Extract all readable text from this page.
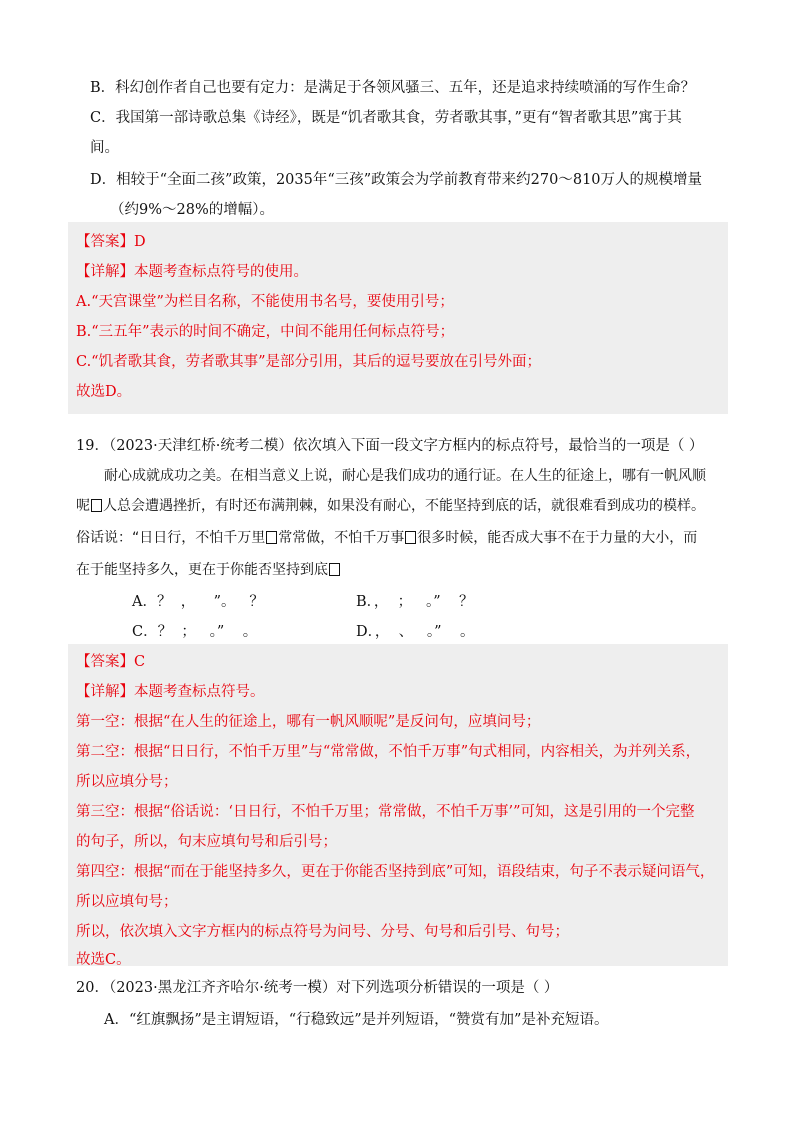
B．科幻创作者自己也要有定力：是满足于各领风骚三、五年，还是追求持续喷涌的写作生命？
C．我国第一部诗歌总集《诗经》，既是“饥者歌其食，劳者歌其事，”更有“智者歌其思”寓于其
间。
D．相较于“全面二孩”政策，2035年“三孩”政策会为学前教育带来约270～810万人的规模增量
（约9%～28%的增幅）。
【答案】D
【详解】本题考查标点符号的使用。
A.“天宫课堂”为栏目名称，不能使用书名号，要使用引号；
B.“三五年”表示的时间不确定，中间不能用任何标点符号；
C.“饥者歌其食，劳者歌其事”是部分引用，其后的逗号要放在引号外面；
故选D。
19．（2023·天津红桥·统考二模）依次填入下面一段文字方框内的标点符号，最恰当的一项是（ ）
耐心成就成功之美。在相当意义上说，耐心是我们成功的通行证。在人生的征途上，哪有一帆风顺
呢 人总会遭遇挫折，有时还布满荆棘，如果没有耐心，不能坚持到底的话，就很难看到成功的模样。
俗话说：“日日行，不怕千万里 常常做，不怕千万事 很多时候，能否成大事不在于力量的大小，而
在于能坚持多久，更在于你能否坚持到底
A．？  ，    ”。   ？	B．，  ；   。”    ？
C．？  ；   。”    。	D．，  、   。”    。
【答案】C
【详解】本题考查标点符号。
第一空：根据“在人生的征途上，哪有一帆风顺呢”是反问句，应填问号；
第二空：根据“日日行，不怕千万里”与“常常做，不怕千万事”句式相同，内容相关，为并列关系，
所以应填分号；
第三空：根据“俗话说：‘日日行，不怕千万里；常常做，不怕千万事’”可知，这是引用的一个完整
的句子，所以，句末应填句号和后引号；
第四空：根据“而在于能坚持多久，更在于你能否坚持到底”可知，语段结束，句子不表示疑问语气，
所以应填句号；
所以，依次填入文字方框内的标点符号为问号、分号、句号和后引号、句号；
故选C。
20．（2023·黑龙江齐齐哈尔·统考一模）对下列选项分析错误的一项是（ ）
A．“红旗飘扬”是主谓短语，“行稳致远”是并列短语，“赞赏有加”是补充短语。
